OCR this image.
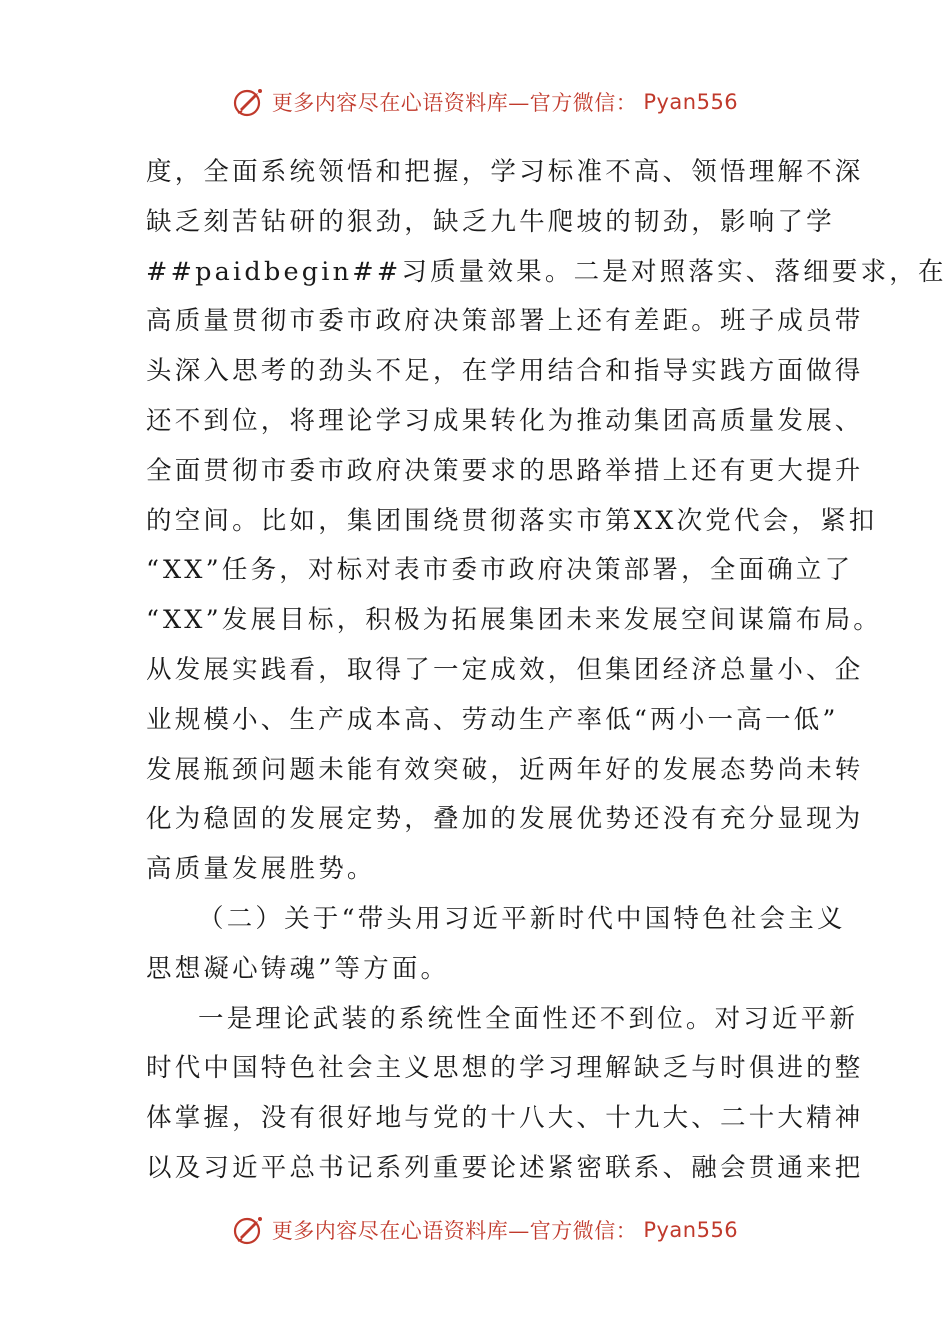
更多内容尽在心语资料库—官方微信： Pyan556
度，全面系统领悟和把握，学习标准不高、领悟理解不深
缺乏刻苦钻研的狠劲，缺乏九牛爬坡的韧劲，影响了学
##paidbegin##习质量效果。二是对照落实、落细要求，在
高质量贯彻市委市政府决策部署上还有差距。班子成员带
头深入思考的劲头不足，在学用结合和指导实践方面做得
还不到位，将理论学习成果转化为推动集团高质量发展、
全面贯彻市委市政府决策要求的思路举措上还有更大提升
的空间。比如，集团围绕贯彻落实市第XX次党代会，紧扣
“XX”任务，对标对表市委市政府决策部署，全面确立了
“XX”发展目标，积极为拓展集团未来发展空间谋篇布局。
从发展实践看，取得了一定成效，但集团经济总量小、企
业规模小、生产成本高、劳动生产率低“两小一高一低”
发展瓶颈问题未能有效突破，近两年好的发展态势尚未转
化为稳固的发展定势，叠加的发展优势还没有充分显现为
高质量发展胜势。
（二）关于“带头用习近平新时代中国特色社会主义
思想凝心铸魂”等方面。
一是理论武装的系统性全面性还不到位。对习近平新
时代中国特色社会主义思想的学习理解缺乏与时俱进的整
体掌握，没有很好地与党的十八大、十九大、二十大精神
以及习近平总书记系列重要论述紧密联系、融会贯通来把
更多内容尽在心语资料库—官方微信： Pyan556
